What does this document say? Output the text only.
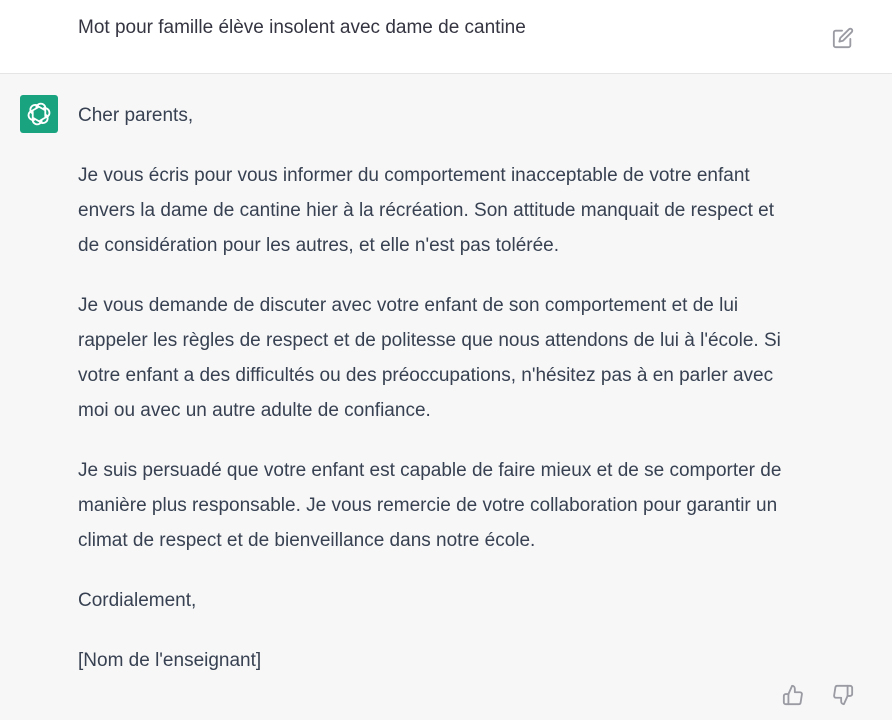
Mot pour famille élève insolent avec dame de cantine

Cher parents,

Je vous écris pour vous informer du comportement inacceptable de votre enfant envers la dame de cantine hier à la récréation. Son attitude manquait de respect et de considération pour les autres, et elle n'est pas tolérée.

Je vous demande de discuter avec votre enfant de son comportement et de lui rappeler les règles de respect et de politesse que nous attendons de lui à l'école. Si votre enfant a des difficultés ou des préoccupations, n'hésitez pas à en parler avec moi ou avec un autre adulte de confiance.

Je suis persuadé que votre enfant est capable de faire mieux et de se comporter de manière plus responsable. Je vous remercie de votre collaboration pour garantir un climat de respect et de bienveillance dans notre école.

Cordialement,

[Nom de l'enseignant]
